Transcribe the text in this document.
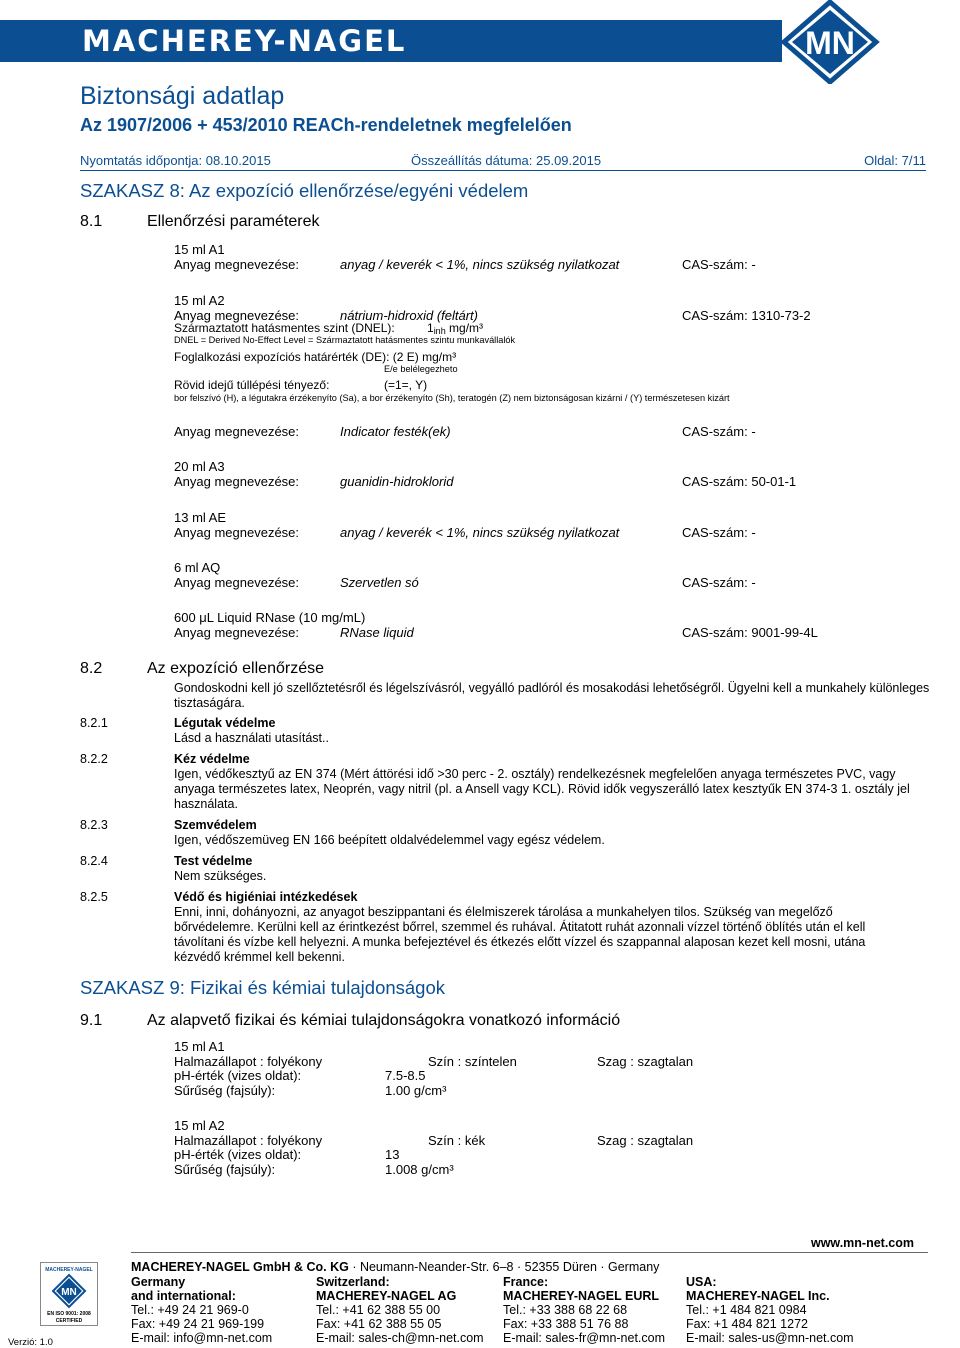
MACHEREY-NAGEL	MN
Biztonsági adatlap
Az 1907/2006 + 453/2010 REACh-rendeletnek megfelelően
Nyomtatás időpontja: 08.10.2015	Összeállítás dátuma: 25.09.2015	Oldal: 7/11
SZAKASZ 8: Az expozíció ellenőrzése/egyéni védelem
8.1	Ellenőrzési paraméterek
15 ml A1
Anyag megnevezése:	anyag / keverék < 1%, nincs szükség nyilatkozat	CAS-szám: -
15 ml A2
Anyag megnevezése:	nátrium-hidroxid (feltárt)	CAS-szám: 1310-73-2
Származtatott hatásmentes szint (DNEL):	1inh mg/m³
DNEL = Derived No-Effect Level = Származtatott hatásmentes szintu munkavállalók
Foglalkozási expozíciós határérték (DE): (2 E) mg/m³
E/e belélegezheto
Rövid idejű túllépési tényező:	(=1=, Y)
bor felszívó (H), a légutakra érzékenyíto (Sa), a bor érzékenyíto (Sh), teratogén (Z) nem biztonságosan kizárni / (Y) természetesen kizárt
Anyag megnevezése:	Indicator festék(ek)	CAS-szám: -
20 ml A3
Anyag megnevezése:	guanidin-hidroklorid	CAS-szám: 50-01-1
13 ml AE
Anyag megnevezése:	anyag / keverék < 1%, nincs szükség nyilatkozat	CAS-szám: -
6 ml AQ
Anyag megnevezése:	Szervetlen só	CAS-szám: -
600 μL Liquid RNase (10 mg/mL)
Anyag megnevezése:	RNase liquid	CAS-szám: 9001-99-4L
8.2	Az expozíció ellenőrzése
Gondoskodni kell jó szellőztetésről és légelszívásról, vegyálló padlóról és mosakodási lehetőségről. Ügyelni kell a munkahely különleges tisztaságára.
8.2.1	Légutak védelme
Lásd a használati utasítást..
8.2.2	Kéz védelme
Igen, védőkesztyű az EN 374 (Mért áttörési idő >30 perc - 2. osztály) rendelkezésnek megfelelően anyaga természetes PVC, vagy anyaga természetes latex, Neoprén, vagy nitril (pl. a Ansell vagy KCL). Rövid idők vegyszerálló latex kesztyűk EN 374-3 1. osztály jel használata.
8.2.3	Szemvédelem
Igen, védőszemüveg EN 166 beépített oldalvédelemmel vagy egész védelem.
8.2.4	Test védelme
Nem szükséges.
8.2.5	Védő és higiéniai intézkedések
Enni, inni, dohányozni, az anyagot beszippantani és élelmiszerek tárolása a munkahelyen tilos. Szükség van megelőző bőrvédelemre. Kerülni kell az érintkezést bőrrel, szemmel és ruhával. Átitatott ruhát azonnali vízzel történő öblítés után el kell távolítani és vízbe kell helyezni. A munka befejeztével és étkezés előtt vízzel és szappannal alaposan kezet kell mosni, utána kézvédő krémmel kell bekenni.
SZAKASZ 9: Fizikai és kémiai tulajdonságok
9.1	Az alapvető fizikai és kémiai tulajdonságokra vonatkozó információ
15 ml A1
Halmazállapot : folyékony	Szín : színtelen	Szag : szagtalan
pH-érték (vizes oldat):	7.5-8.5
Sűrűség (fajsúly):	1.00 g/cm³
15 ml A2
Halmazállapot : folyékony	Szín : kék	Szag : szagtalan
pH-érték (vizes oldat):	13
Sűrűség (fajsúly):	1.008 g/cm³
MACHEREY-NAGEL GmbH & Co. KG · Neumann-Neander-Str. 6–8 · 52355 Düren · Germany
www.mn-net.com
MACHEREY-NAGEL
MN
EN ISO 9001: 2008
CERTIFIED
Verzió: 1.0
Germany
and international:
Tel.: +49 24 21 969-0
Fax: +49 24 21 969-199
E-mail: info@mn-net.com
Switzerland:
MACHEREY-NAGEL AG
Tel.: +41 62 388 55 00
Fax: +41 62 388 55 05
E-mail: sales-ch@mn-net.com
France:
MACHEREY-NAGEL EURL
Tel.: +33 388 68 22 68
Fax: +33 388 51 76 88
E-mail: sales-fr@mn-net.com
USA:
MACHEREY-NAGEL Inc.
Tel.: +1 484 821 0984
Fax: +1 484 821 1272
E-mail: sales-us@mn-net.com
